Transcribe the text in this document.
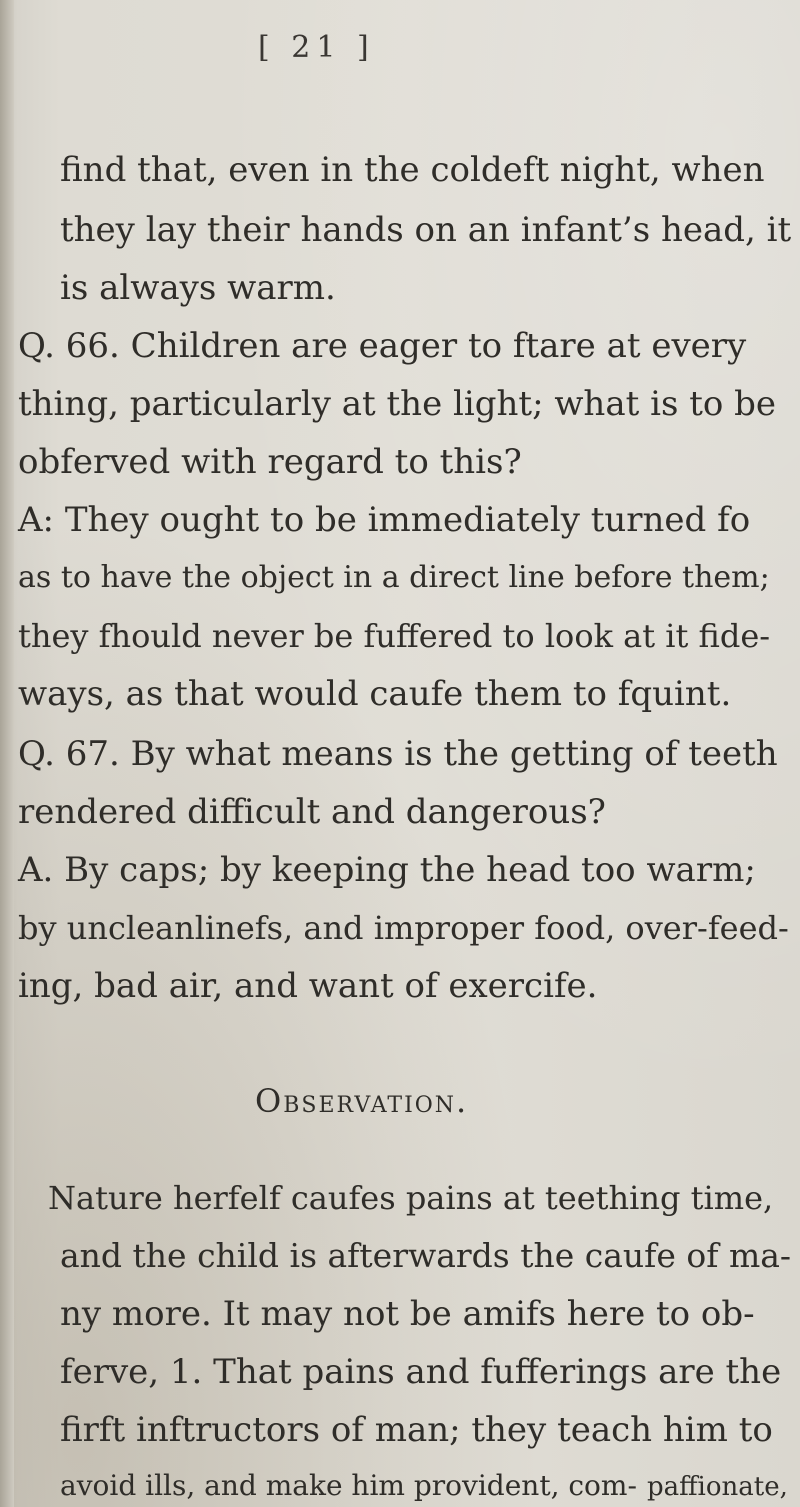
[ 21 ]
find that, even in the coldeft night, when
they lay their hands on an infant’s head, it
is always warm.
Q. 66. Children are eager to ftare at every
thing, particularly at the light; what is to be
obferved with regard to this?
A: They ought to be immediately turned fo
as to have the object in a direct line before them;
they fhould never be fuffered to look at it fide-
ways, as that would caufe them to fquint.
Q. 67. By what means is the getting of teeth
rendered difficult and dangerous?
A. By caps; by keeping the head too warm;
by uncleanlinefs, and improper food, over-feed-
ing, bad air, and want of exercife.
Observation.
Nature herfelf caufes pains at teething time,
and the child is afterwards the caufe of ma-
ny more. It may not be amifs here to ob-
ferve, 1. That pains and fufferings are the
firft inftructors of man; they teach him to
avoid ills, and make him provident, com- paffionate,
